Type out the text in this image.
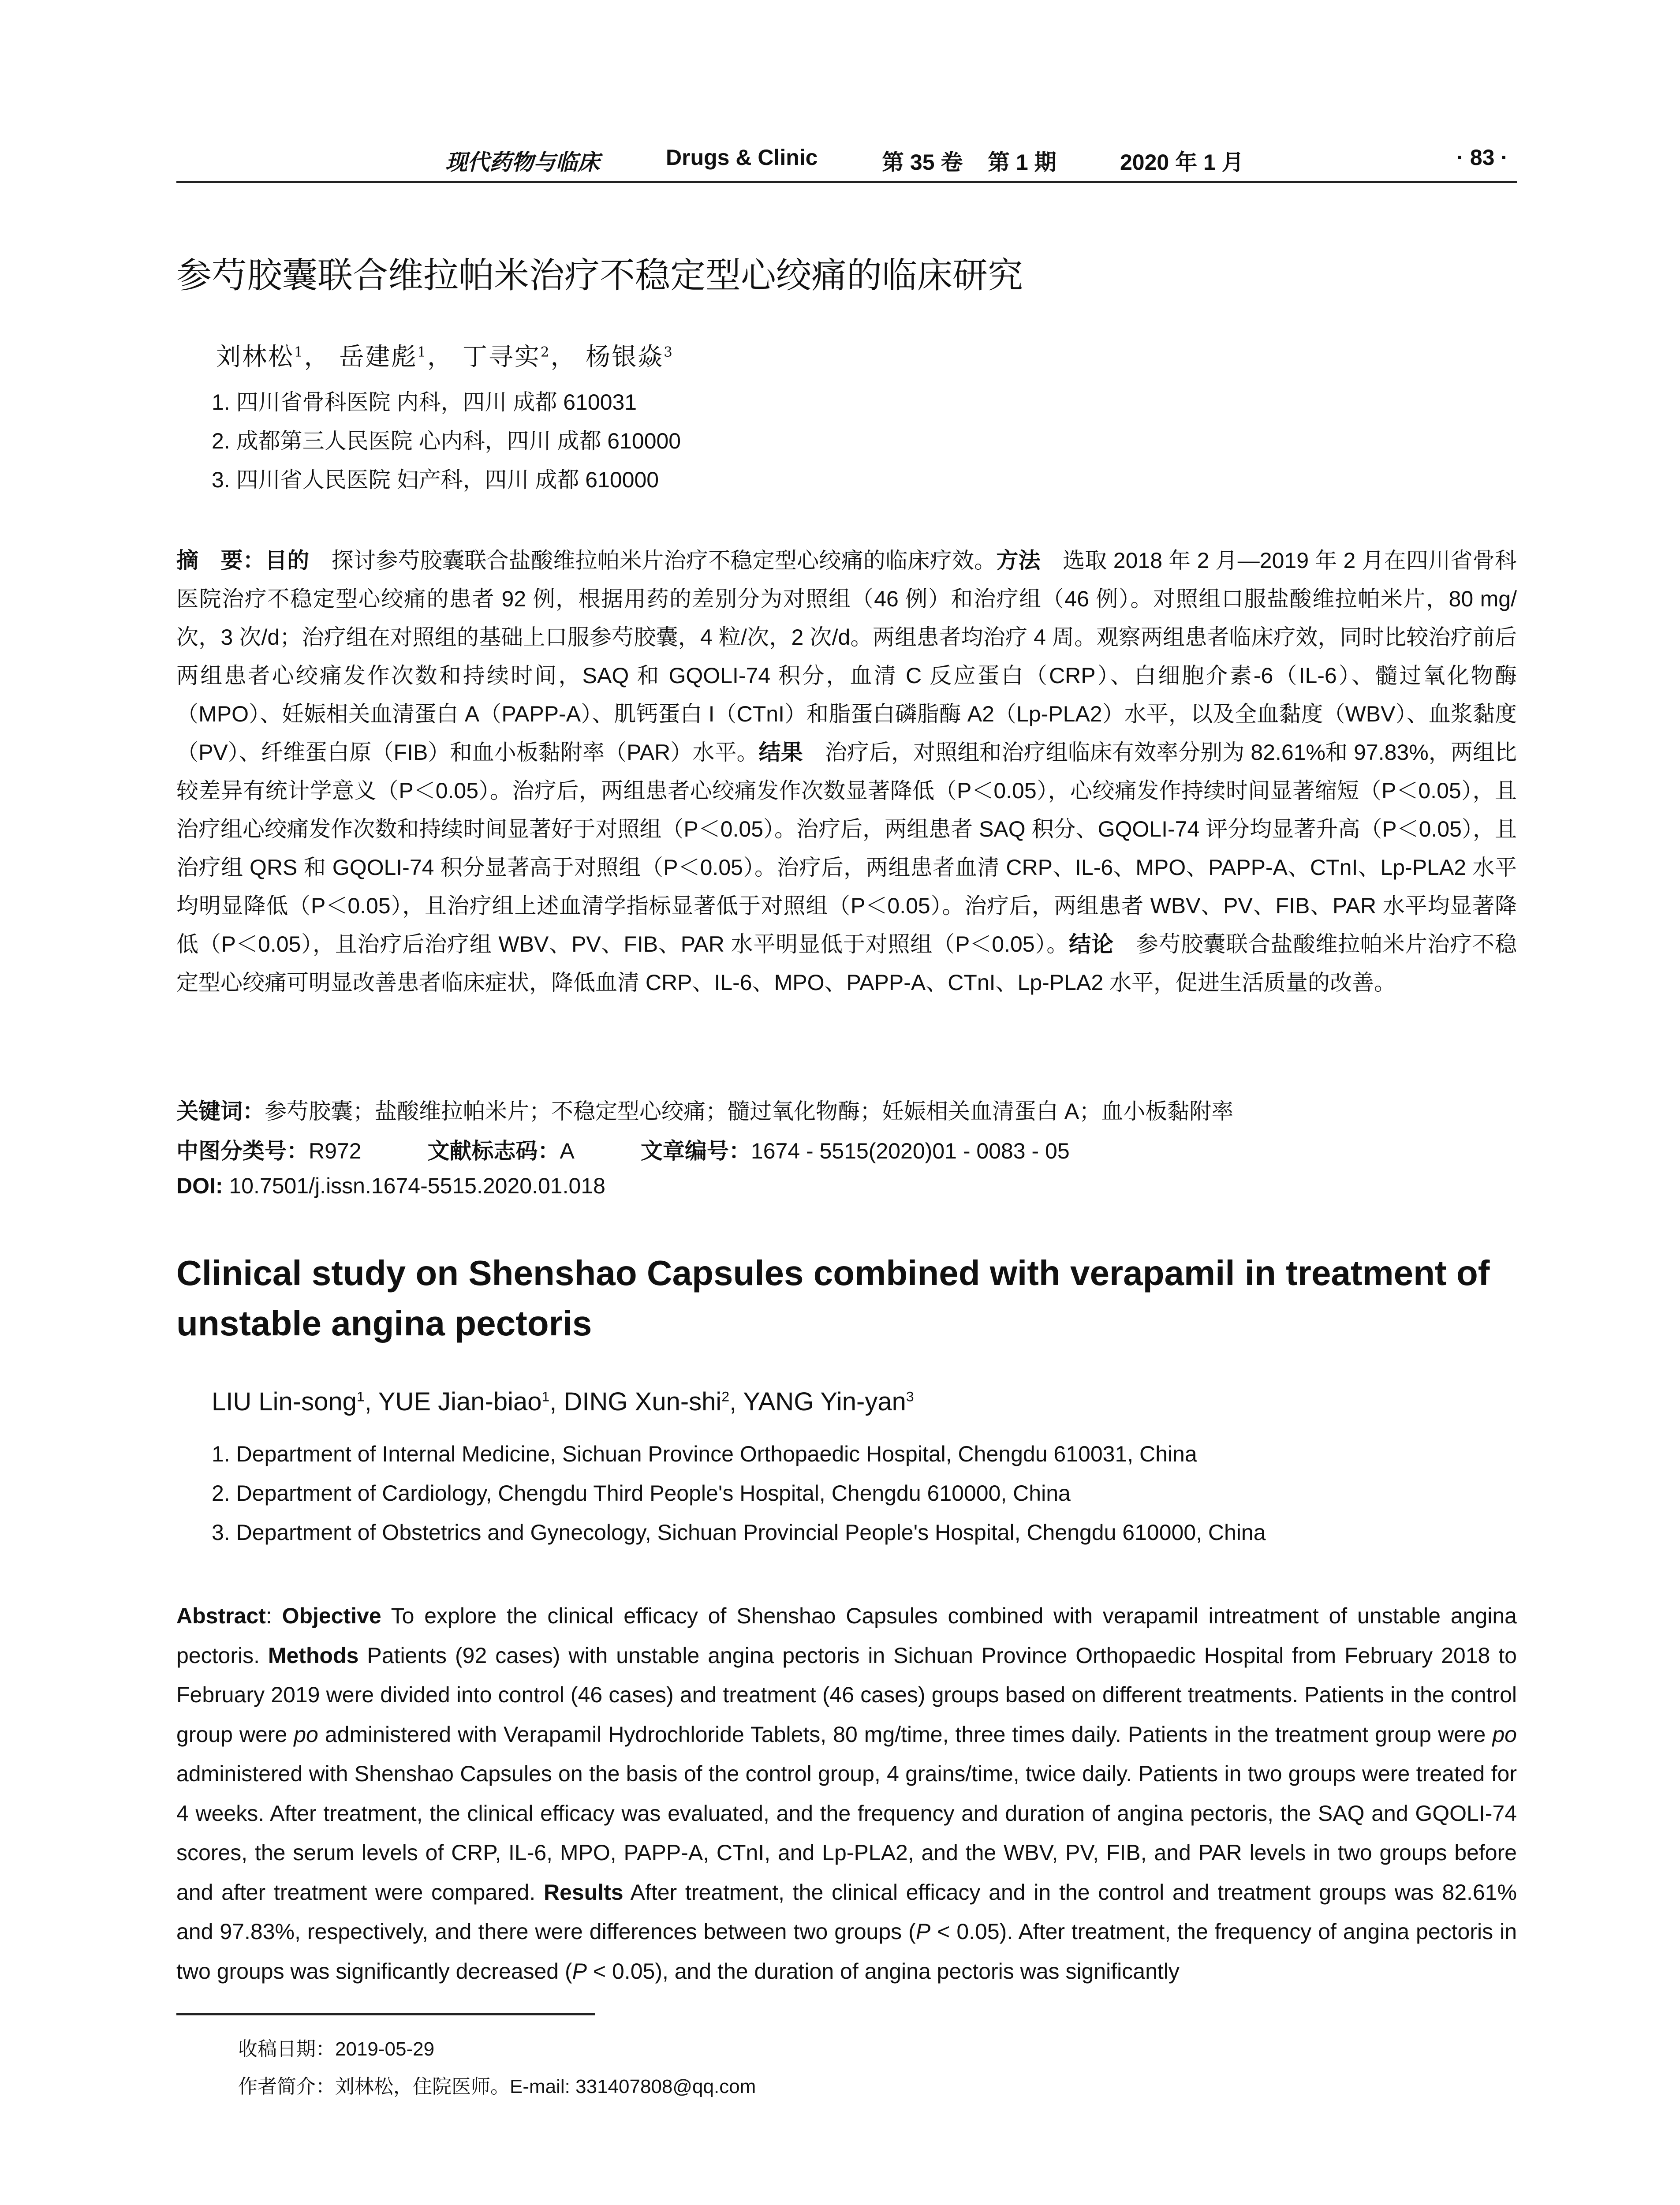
现代药物与临床	Drugs & Clinic	第 35 卷 第 1 期	2020 年 1 月	· 83 ·
参芍胶囊联合维拉帕米治疗不稳定型心绞痛的临床研究
刘林松$^1$， 岳建彪$^1$， 丁寻实$^2$， 杨银焱$^3$
1. 四川省骨科医院 内科，四川 成都 610031
2. 成都第三人民医院 心内科，四川 成都 610000
3. 四川省人民医院 妇产科，四川 成都 610000

摘　要：目的　探讨参芍胶囊联合盐酸维拉帕米片治疗不稳定型心绞痛的临床疗效。方法　选取 2018 年 2 月—2019 年 2 月在四川省骨科医院治疗不稳定型心绞痛的患者 92 例，根据用药的差别分为对照组（46 例）和治疗组（46 例）。对照组口服盐酸维拉帕米片，80 mg/次，3 次/d；治疗组在对照组的基础上口服参芍胶囊，4 粒/次，2 次/d。两组患者均治疗 4 周。观察两组患者临床疗效，同时比较治疗前后两组患者心绞痛发作次数和持续时间，SAQ 和 GQOLI-74 积分，血清 C 反应蛋白（CRP）、白细胞介素-6（IL-6）、髓过氧化物酶（MPO）、妊娠相关血清蛋白 A（PAPP-A）、肌钙蛋白 I（CTnI）和脂蛋白磷脂酶 A2（Lp-PLA2）水平，以及全血黏度（WBV）、血浆黏度（PV）、纤维蛋白原（FIB）和血小板黏附率（PAR）水平。结果　治疗后，对照组和治疗组临床有效率分别为 82.61%和 97.83%，两组比较差异有统计学意义（P＜0.05）。治疗后，两组患者心绞痛发作次数显著降低（P＜0.05），心绞痛发作持续时间显著缩短（P＜0.05），且治疗组心绞痛发作次数和持续时间显著好于对照组（P＜0.05）。治疗后，两组患者 SAQ 积分、GQOLI-74 评分均显著升高（P＜0.05），且治疗组 QRS 和 GQOLI-74 积分显著高于对照组（P＜0.05）。治疗后，两组患者血清 CRP、IL-6、MPO、PAPP-A、CTnI、Lp-PLA2 水平均明显降低（P＜0.05），且治疗组上述血清学指标显著低于对照组（P＜0.05）。治疗后，两组患者 WBV、PV、FIB、PAR 水平均显著降低（P＜0.05），且治疗后治疗组 WBV、PV、FIB、PAR 水平明显低于对照组（P＜0.05）。结论　参芍胶囊联合盐酸维拉帕米片治疗不稳定型心绞痛可明显改善患者临床症状，降低血清 CRP、IL-6、MPO、PAPP-A、CTnI、Lp-PLA2 水平，促进生活质量的改善。

关键词：参芍胶囊；盐酸维拉帕米片；不稳定型心绞痛；髓过氧化物酶；妊娠相关血清蛋白 A；血小板黏附率
中图分类号：R972	文献标志码：A	文章编号：1674 - 5515(2020)01 - 0083 - 05
DOI: 10.7501/j.issn.1674-5515.2020.01.018
Clinical study on Shenshao Capsules combined with verapamil in treatment of unstable angina pectoris
LIU Lin-song$^1$, YUE Jian-biao$^1$, DING Xun-shi$^2$, YANG Yin-yan$^3$
1. Department of Internal Medicine, Sichuan Province Orthopaedic Hospital, Chengdu 610031, China
2. Department of Cardiology, Chengdu Third People's Hospital, Chengdu 610000, China
3. Department of Obstetrics and Gynecology, Sichuan Provincial People's Hospital, Chengdu 610000, China

Abstract: Objective To explore the clinical efficacy of Shenshao Capsules combined with verapamil intreatment of unstable angina pectoris. Methods Patients (92 cases) with unstable angina pectoris in Sichuan Province Orthopaedic Hospital from February 2018 to February 2019 were divided into control (46 cases) and treatment (46 cases) groups based on different treatments. Patients in the control group were po administered with Verapamil Hydrochloride Tablets, 80 mg/time, three times daily. Patients in the treatment group were po administered with Shenshao Capsules on the basis of the control group, 4 grains/time, twice daily. Patients in two groups were treated for 4 weeks. After treatment, the clinical efficacy was evaluated, and the frequency and duration of angina pectoris, the SAQ and GQOLI-74 scores, the serum levels of CRP, IL-6, MPO, PAPP-A, CTnI, and Lp-PLA2, and the WBV, PV, FIB, and PAR levels in two groups before and after treatment were compared. Results After treatment, the clinical efficacy and in the control and treatment groups was 82.61% and 97.83%, respectively, and there were differences between two groups (P < 0.05). After treatment, the frequency of angina pectoris in two groups was significantly decreased (P < 0.05), and the duration of angina pectoris was significantly

收稿日期：2019-05-29
作者简介：刘林松，住院医师。E-mail: 331407808@qq.com
